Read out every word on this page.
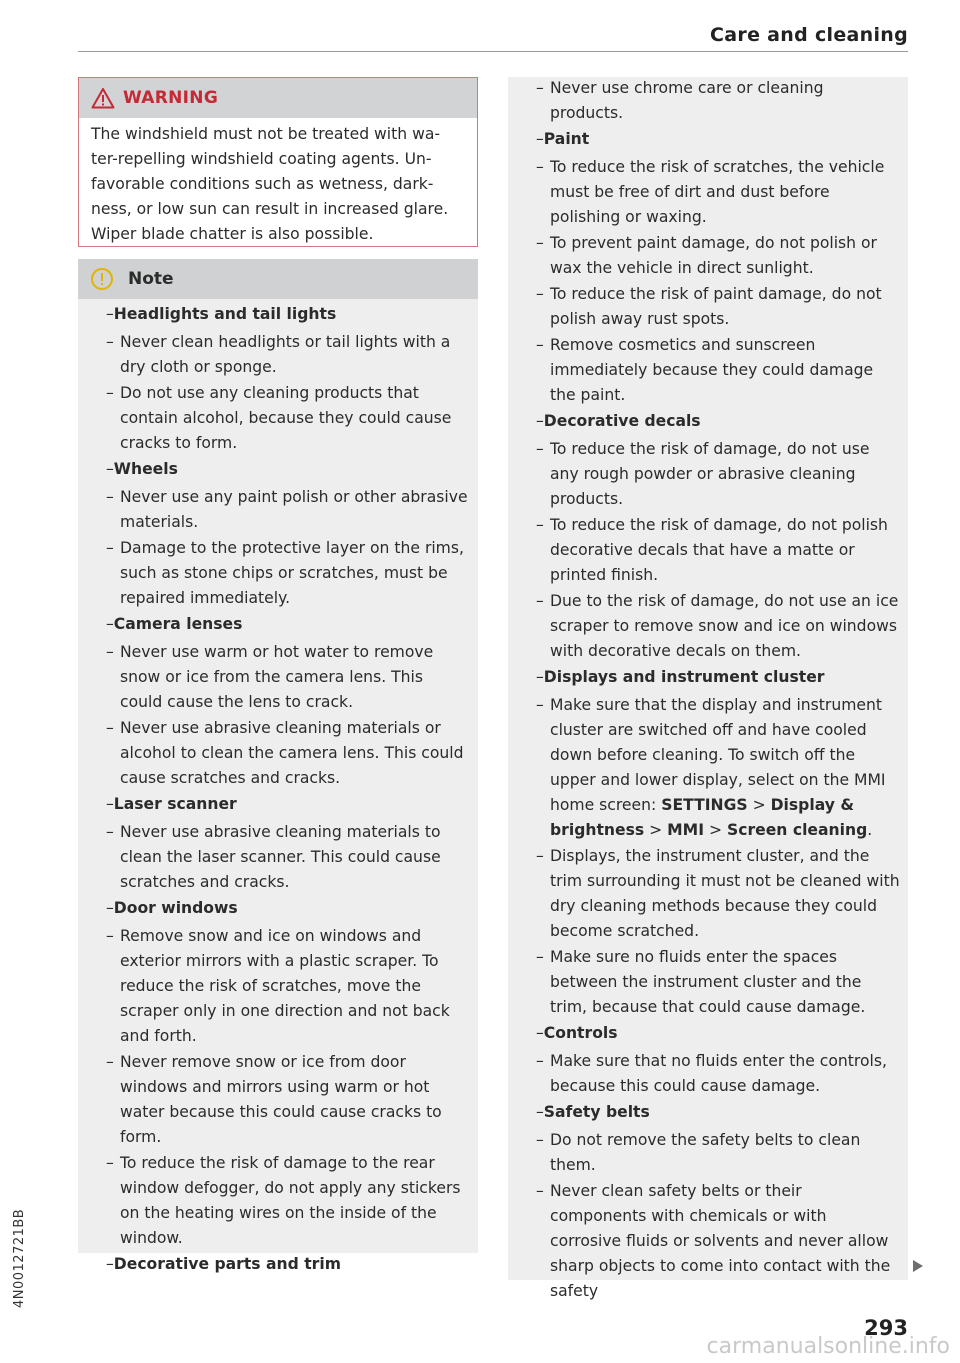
Care and cleaning
WARNING
The windshield must not be treated with wa-
ter-repelling windshield coating agents. Un-
favorable conditions such as wetness, dark-
ness, or low sun can result in increased glare.
Wiper blade chatter is also possible.
Note
–Headlights and tail lights
– Never clean headlights or tail lights with a dry cloth or sponge.
– Do not use any cleaning products that contain alcohol, because they could cause cracks to form.
–Wheels
– Never use any paint polish or other abrasive materials.
– Damage to the protective layer on the rims, such as stone chips or scratches, must be repaired immediately.
–Camera lenses
– Never use warm or hot water to remove snow or ice from the camera lens. This could cause the lens to crack.
– Never use abrasive cleaning materials or alcohol to clean the camera lens. This could cause scratches and cracks.
–Laser scanner
– Never use abrasive cleaning materials to clean the laser scanner. This could cause scratches and cracks.
–Door windows
– Remove snow and ice on windows and exterior mirrors with a plastic scraper. To reduce the risk of scratches, move the scraper only in one direction and not back and forth.
– Never remove snow or ice from door windows and mirrors using warm or hot water because this could cause cracks to form.
– To reduce the risk of damage to the rear window defogger, do not apply any stickers on the heating wires on the inside of the window.
–Decorative parts and trim
– Never use chrome care or cleaning products.
–Paint
– To reduce the risk of scratches, the vehicle must be free of dirt and dust before polishing or waxing.
– To prevent paint damage, do not polish or wax the vehicle in direct sunlight.
– To reduce the risk of paint damage, do not polish away rust spots.
– Remove cosmetics and sunscreen immediately because they could damage the paint.
–Decorative decals
– To reduce the risk of damage, do not use any rough powder or abrasive cleaning products.
– To reduce the risk of damage, do not polish decorative decals that have a matte or printed finish.
– Due to the risk of damage, do not use an ice scraper to remove snow and ice on windows with decorative decals on them.
–Displays and instrument cluster
– Make sure that the display and instrument cluster are switched off and have cooled down before cleaning. To switch off the upper and lower display, select on the MMI home screen: SETTINGS > Display & brightness > MMI > Screen cleaning.
– Displays, the instrument cluster, and the trim surrounding it must not be cleaned with dry cleaning methods because they could become scratched.
– Make sure no fluids enter the spaces between the instrument cluster and the trim, because that could cause damage.
–Controls
– Make sure that no fluids enter the controls, because this could cause damage.
–Safety belts
– Do not remove the safety belts to clean them.
– Never clean safety belts or their components with chemicals or with corrosive fluids or solvents and never allow sharp objects to come into contact with the safety
293
4N0012721BB
carmanualsonline.info
